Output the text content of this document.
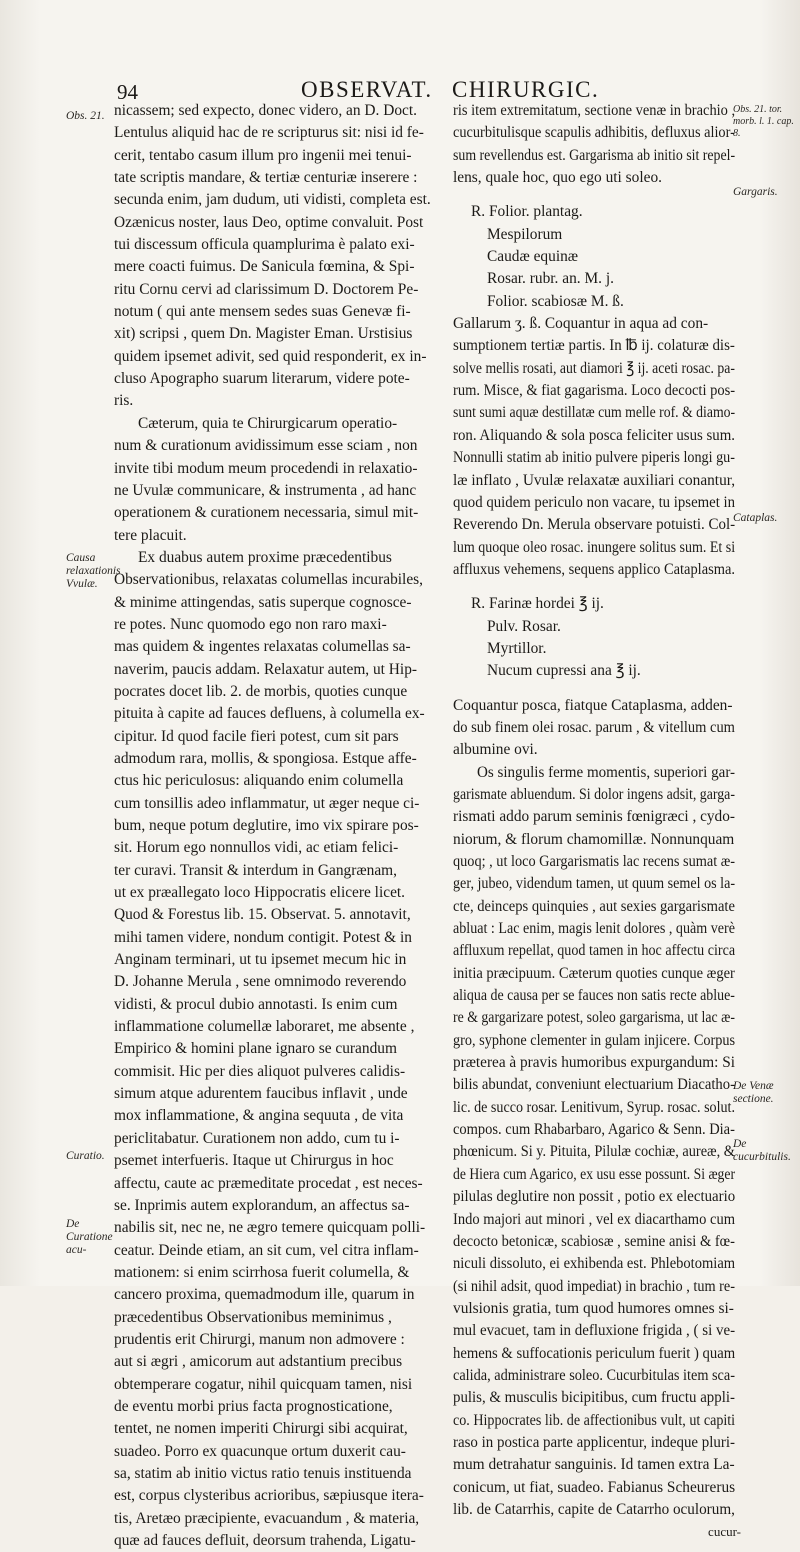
94	OBSERVAT. CHIRURGIC.
Obs. 21.
Obs. 21. tor. morb. l. 1. cap. 8.
Gargaris.
Cataplas.
Causa relaxationis Vvulæ.
Curatio.
De Curatione acu-
De Venæ sectione.
De cucurbitulis.
nicassem; sed expecto, donec videro, an D. Doct.
Lentulus aliquid hac de re scripturus sit: nisi id fe-
cerit, tentabo casum illum pro ingenii mei tenui-
tate scriptis mandare, & tertiæ centuriæ inserere :
secunda enim, jam dudum, uti vidisti, completa est.
Ozænicus noster, laus Deo, optime convaluit. Post
tui discessum officula quamplurima è palato exi-
mere coacti fuimus. De Sanicula fœmina, & Spi-
ritu Cornu cervi ad clarissimum D. Doctorem Pe-
notum ( qui ante mensem sedes suas Genevæ fi-
xit) scripsi , quem Dn. Magister Eman. Urstisius
quidem ipsemet adivit, sed quid responderit, ex in-
cluso Apographo suarum literarum, videre pote-
ris.
Cæterum, quia te Chirurgicarum operatio-
num & curationum avidissimum esse sciam , non
invite tibi modum meum procedendi in relaxatio-
ne Uvulæ communicare, & instrumenta , ad hanc
operationem & curationem necessaria, simul mit-
tere placuit.
Ex duabus autem proxime præcedentibus
Observationibus, relaxatas columellas incurabiles,
& minime attingendas, satis superque cognosce-
re potes. Nunc quomodo ego non raro maxi-
mas quidem & ingentes relaxatas columellas sa-
naverim, paucis addam. Relaxatur autem, ut Hip-
pocrates docet lib. 2. de morbis, quoties cunque
pituita à capite ad fauces defluens, à columella ex-
cipitur. Id quod facile fieri potest, cum sit pars
admodum rara, mollis, & spongiosa. Estque affe-
ctus hic periculosus: aliquando enim columella
cum tonsillis adeo inflammatur, ut æger neque ci-
bum, neque potum deglutire, imo vix spirare pos-
sit. Horum ego nonnullos vidi, ac etiam felici-
ter curavi. Transit & interdum in Gangrænam,
ut ex præallegato loco Hippocratis elicere licet.
Quod & Forestus lib. 15. Observat. 5. annotavit,
mihi tamen videre, nondum contigit. Potest & in
Anginam terminari, ut tu ipsemet mecum hic in
D. Johanne Merula , sene omnimodo reverendo
vidisti, & procul dubio annotasti. Is enim cum
inflammatione columellæ laboraret, me absente ,
Empirico & homini plane ignaro se curandum
commisit. Hic per dies aliquot pulveres calidis-
simum atque adurentem faucibus inflavit , unde
mox inflammatione, & angina sequuta , de vita
periclitabatur. Curationem non addo, cum tu i-
psemet interfueris. Itaque ut Chirurgus in hoc
affectu, caute ac præmeditate procedat , est neces-
se. Inprimis autem explorandum, an affectus sa-
nabilis sit, nec ne, ne ægro temere quicquam polli-
ceatur. Deinde etiam, an sit cum, vel citra inflam-
mationem: si enim scirrhosa fuerit columella, &
cancero proxima, quemadmodum ille, quarum in
præcedentibus Observationibus meminimus ,
prudentis erit Chirurgi, manum non admovere :
aut si ægri , amicorum aut adstantium precibus
obtemperare cogatur, nihil quicquam tamen, nisi
de eventu morbi prius facta prognosticatione,
tentet, ne nomen imperiti Chirurgi sibi acquirat,
suadeo. Porro ex quacunque ortum duxerit cau-
sa, statim ab initio victus ratio tenuis instituenda
est, corpus clysteribus acrioribus, sæpiusque itera-
tis, Aretæo præcipiente, evacuandum , & materia,
quæ ad fauces defluit, deorsum trahenda, Ligatu-
ris item extremitatum, sectione venæ in brachio ,
cucurbitulisque scapulis adhibitis, defluxus alior-
sum revellendus est. Gargarisma ab initio sit repel-
lens, quale hoc, quo ego uti soleo.
R. Folior. plantag.
Mespilorum
Caudæ equinæ
Rosar. rubr. an. M. j.
Folior. scabiosæ M. ß.
Gallarum ʒ. ß. Coquantur in aqua ad con-
sumptionem tertiæ partis. In ℔ ij. colaturæ dis-
solve mellis rosati, aut diamori ℥ ij. aceti rosac. pa-
rum. Misce, & fiat gagarisma. Loco decocti pos-
sunt sumi aquæ destillatæ cum melle rof. & diamo-
ron. Aliquando & sola posca feliciter usus sum.
Nonnulli statim ab initio pulvere piperis longi gu-
læ inflato , Uvulæ relaxatæ auxiliari conantur,
quod quidem periculo non vacare, tu ipsemet in
Reverendo Dn. Merula observare potuisti. Col-
lum quoque oleo rosac. inungere solitus sum. Et si
affluxus vehemens, sequens applico Cataplasma.
R. Farinæ hordei ℥ ij.
Pulv. Rosar.
Myrtillor.
Nucum cupressi ana ℥ ij.
Coquantur posca, fiatque Cataplasma, adden-
do sub finem olei rosac. parum , & vitellum cum
albumine ovi.
Os singulis ferme momentis, superiori gar-
garismate abluendum. Si dolor ingens adsit, garga-
rismati addo parum seminis fœnigræci , cydo-
niorum, & florum chamomillæ. Nonnunquam
quoq; , ut loco Gargarismatis lac recens sumat æ-
ger, jubeo, videndum tamen, ut quum semel os la-
cte, deinceps quinquies , aut sexies gargarismate
abluat : Lac enim, magis lenit dolores , quàm verè
affluxum repellat, quod tamen in hoc affectu circa
initia præcipuum. Cæterum quoties cunque æger
aliqua de causa per se fauces non satis recte ablue-
re & gargarizare potest, soleo gargarisma, ut lac æ-
gro, syphone clementer in gulam injicere. Corpus
præterea à pravis humoribus expurgandum: Si
bilis abundat, conveniunt electuarium Diacatho-
lic. de succo rosar. Lenitivum, Syrup. rosac. solut.
compos. cum Rhabarbaro, Agarico & Senn. Dia-
phœnicum. Si y. Pituita, Pilulæ cochiæ, aureæ, &
de Hiera cum Agarico, ex usu esse possunt. Si æger
pilulas deglutire non possit , potio ex electuario
Indo majori aut minori , vel ex diacarthamo cum
decocto betonicæ, scabiosæ , semine anisi & fœ-
niculi dissoluto, ei exhibenda est. Phlebotomiam
(si nihil adsit, quod impediat) in brachio , tum re-
vulsionis gratia, tum quod humores omnes si-
mul evacuet, tam in defluxione frigida , ( si ve-
hemens & suffocationis periculum fuerit ) quam
calida, administrare soleo. Cucurbitulas item sca-
pulis, & musculis bicipitibus, cum fructu appli-
co. Hippocrates lib. de affectionibus vult, ut capiti
raso in postica parte applicentur, indeque pluri-
mum detrahatur sanguinis. Id tamen extra La-
conicum, ut fiat, suadeo. Fabianus Scheurerus
lib. de Catarrhis, capite de Catarrho oculorum,
cucur-
